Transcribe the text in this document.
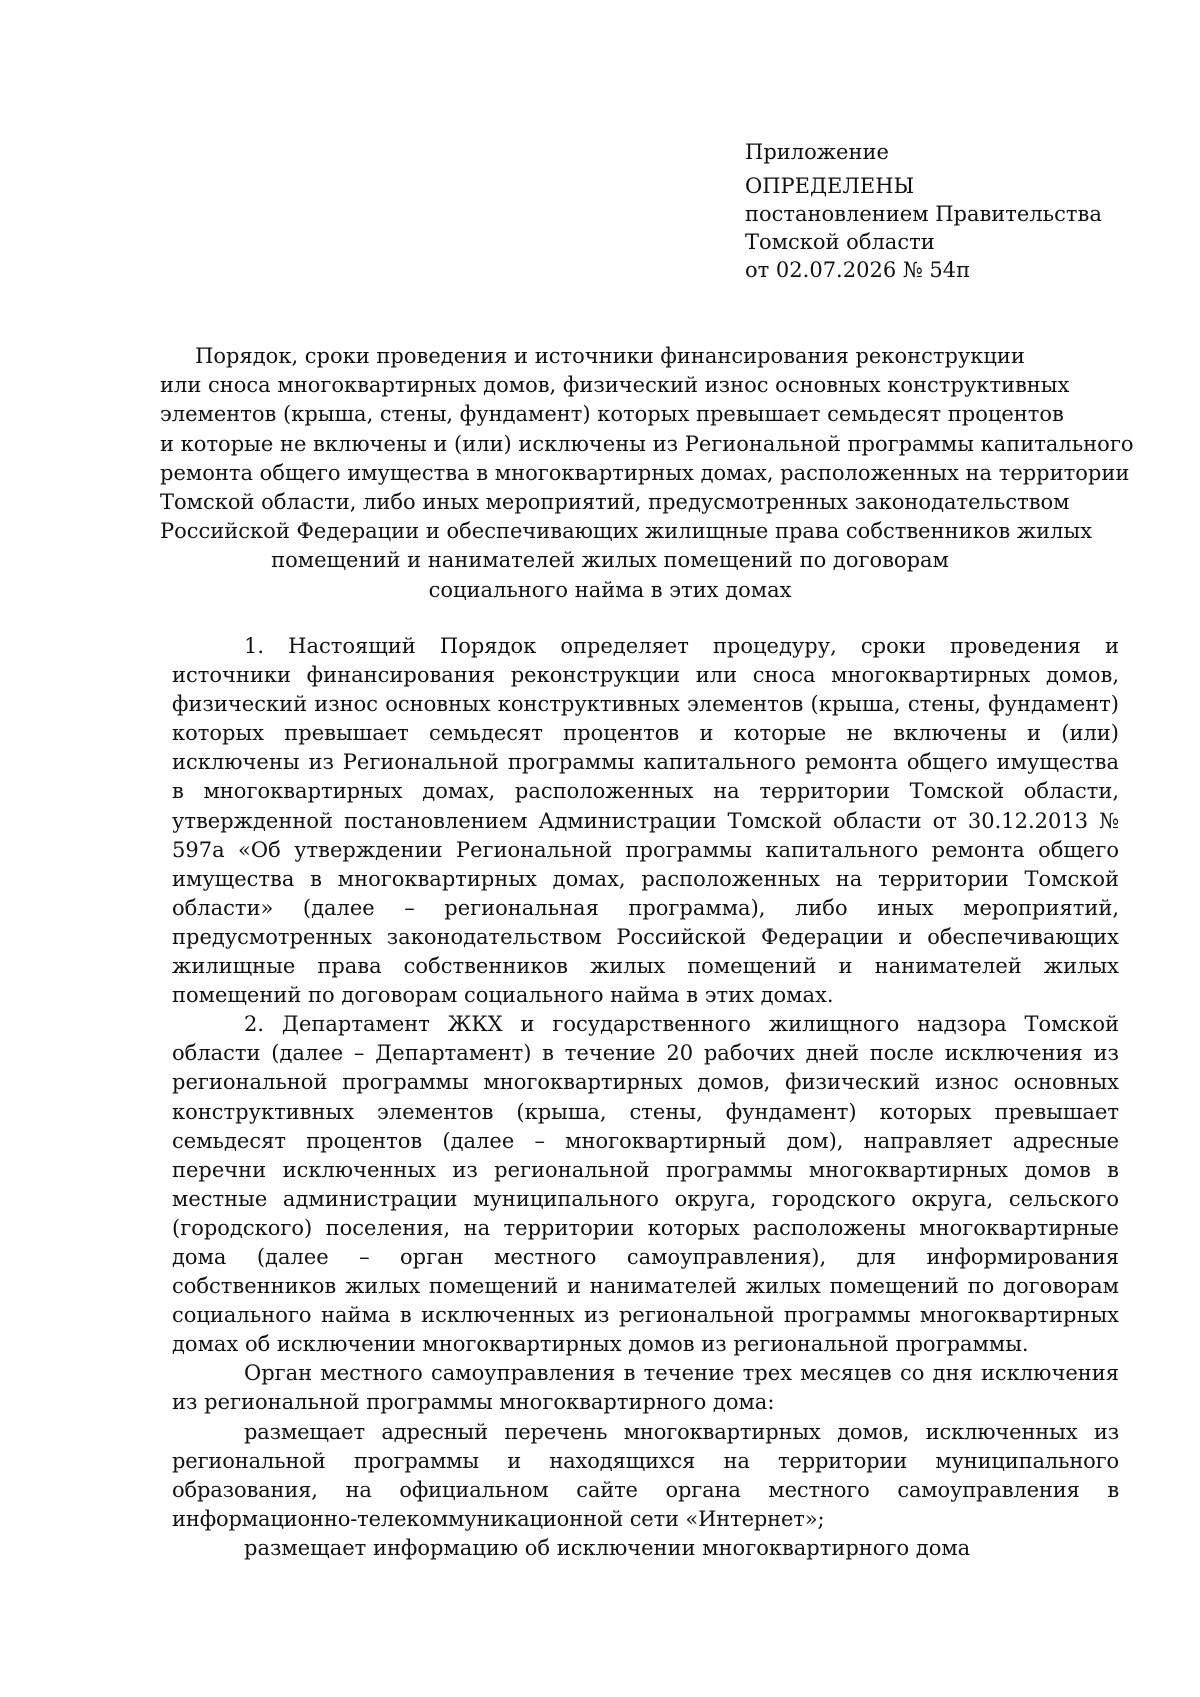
Приложение
ОПРЕДЕЛЕНЫ
постановлением Правительства
Томской области
от 02.07.2026 № 54п
Порядок, сроки проведения и источники финансирования реконструкции
или сноса многоквартирных домов, физический износ основных конструктивных
элементов (крыша, стены, фундамент) которых превышает семьдесят процентов
и которые не включены и (или) исключены из Региональной программы капитального
ремонта общего имущества в многоквартирных домах, расположенных на территории
Томской области, либо иных мероприятий, предусмотренных законодательством
Российской Федерации и обеспечивающих жилищные права собственников жилых
помещений и нанимателей жилых помещений по договорам
социального найма в этих домах

1. Настоящий Порядок определяет процедуру, сроки проведения и источники финансирования реконструкции или сноса многоквартирных домов, физический износ основных конструктивных элементов (крыша, стены, фундамент) которых превышает семьдесят процентов и которые не включены и (или) исключены из Региональной программы капитального ремонта общего имущества в многоквартирных домах, расположенных на территории Томской области, утвержденной постановлением Администрации Томской области от 30.12.2013 № 597а «Об утверждении Региональной программы капитального ремонта общего имущества в многоквартирных домах, расположенных на территории Томской области» (далее – региональная программа), либо иных мероприятий, предусмотренных законодательством Российской Федерации и обеспечивающих жилищные права собственников жилых помещений и нанимателей жилых помещений по договорам социального найма в этих домах.

2. Департамент ЖКХ и государственного жилищного надзора Томской области (далее – Департамент) в течение 20 рабочих дней после исключения из региональной программы многоквартирных домов, физический износ основных конструктивных элементов (крыша, стены, фундамент) которых превышает семьдесят процентов (далее – многоквартирный дом), направляет адресные перечни исключенных из региональной программы многоквартирных домов в местные администрации муниципального округа, городского округа, сельского (городского) поселения, на территории которых расположены многоквартирные дома (далее – орган местного самоуправления), для информирования собственников жилых помещений и нанимателей жилых помещений по договорам социального найма в исключенных из региональной программы многоквартирных домах об исключении многоквартирных домов из региональной программы.

Орган местного самоуправления в течение трех месяцев со дня исключения из региональной программы многоквартирного дома:

размещает адресный перечень многоквартирных домов, исключенных из региональной программы и находящихся на территории муниципального образования, на официальном сайте органа местного самоуправления в информационно-телекоммуникационной сети «Интернет»;

размещает информацию об исключении многоквартирного дома
